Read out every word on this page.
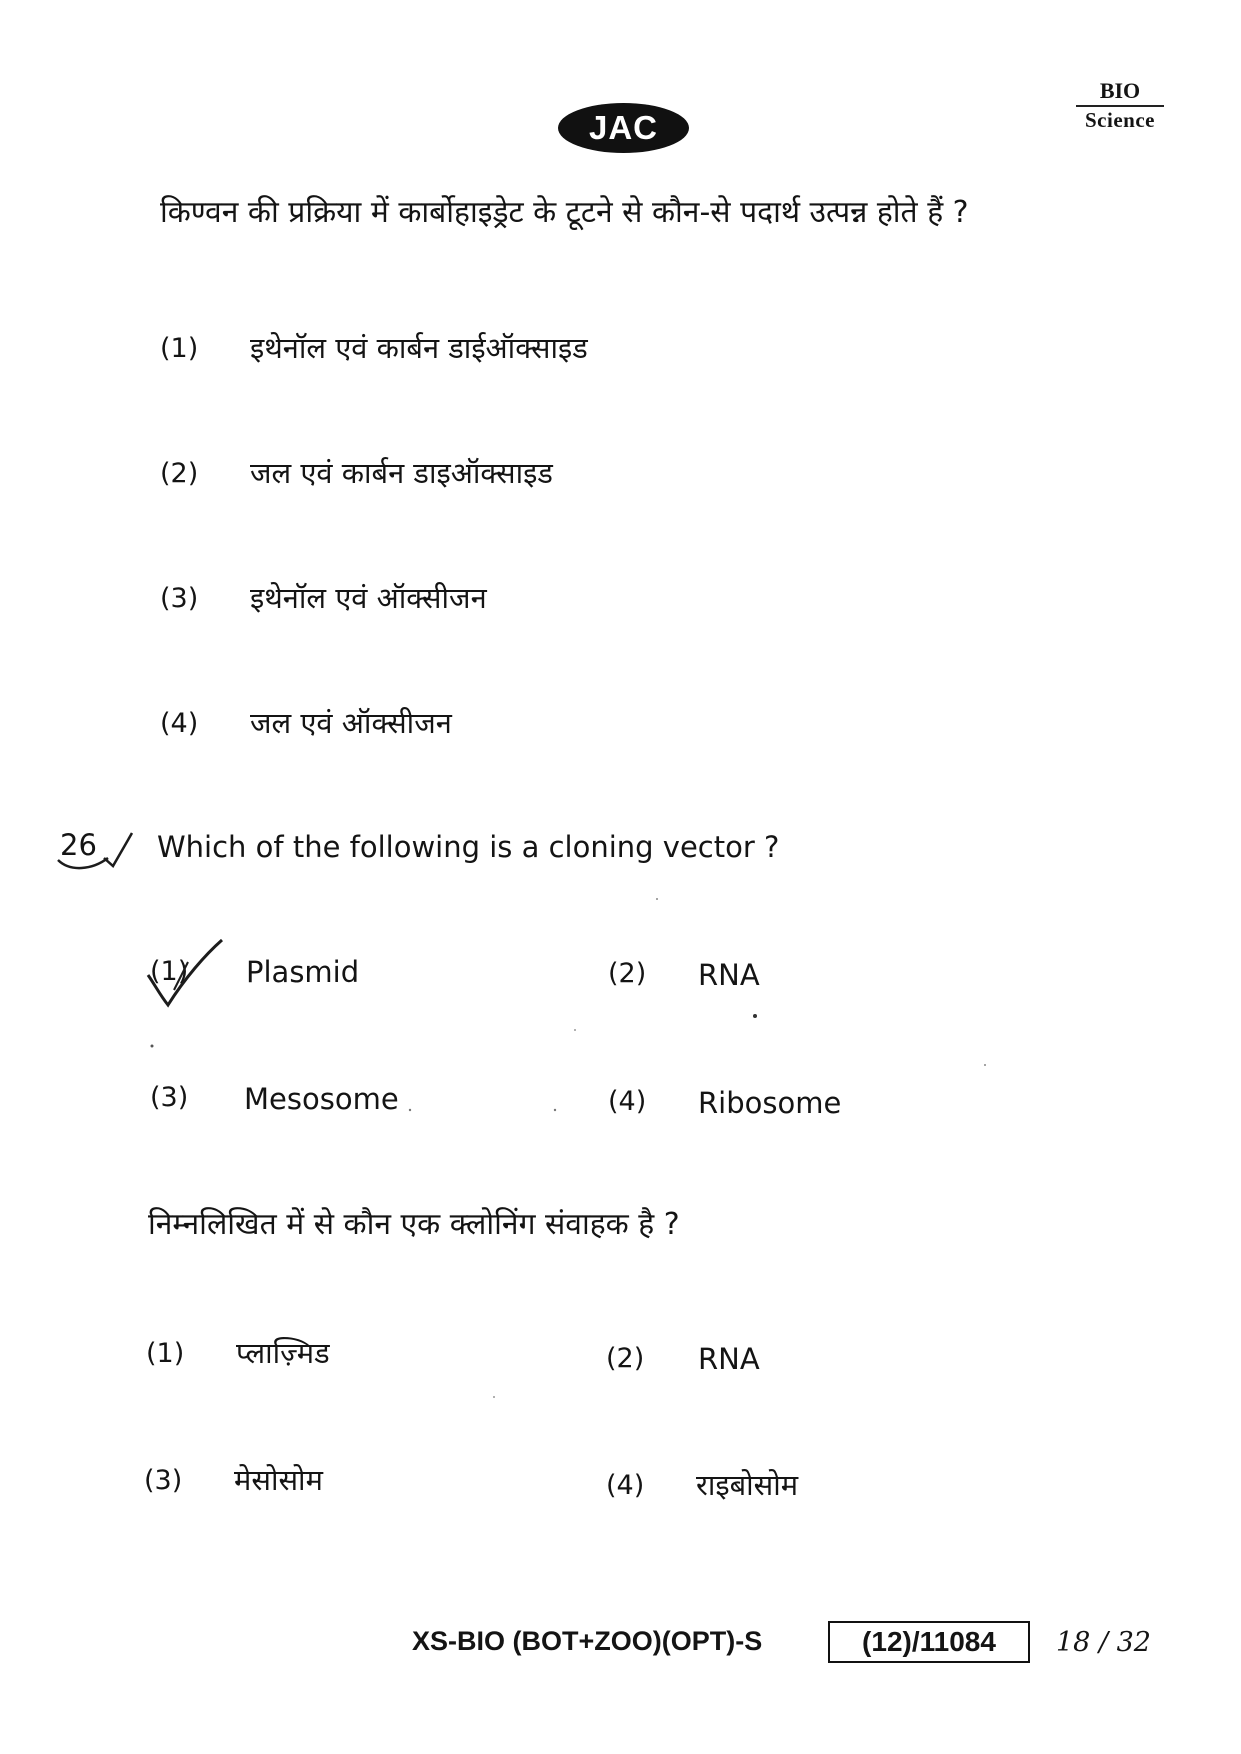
JAC
BIO
Science
किण्वन की प्रक्रिया में कार्बोहाइड्रेट के टूटने से कौन-से पदार्थ उत्पन्न होते हैं ?
(1) इथेनॉल एवं कार्बन डाईऑक्साइड
(2) जल एवं कार्बन डाइऑक्साइड
(3) इथेनॉल एवं ऑक्सीजन
(4) जल एवं ऑक्सीजन
26 Which of the following is a cloning vector ?
(1) Plasmid	(2) RNA
(3) Mesosome	(4) Ribosome
निम्नलिखित में से कौन एक क्लोनिंग संवाहक है ?
(1) प्लाज़्मिड	(2) RNA
(3) मेसोसोम	(4) राइबोसोम
XS-BIO (BOT+ZOO)(OPT)-S	(12)/11084 18 / 32
